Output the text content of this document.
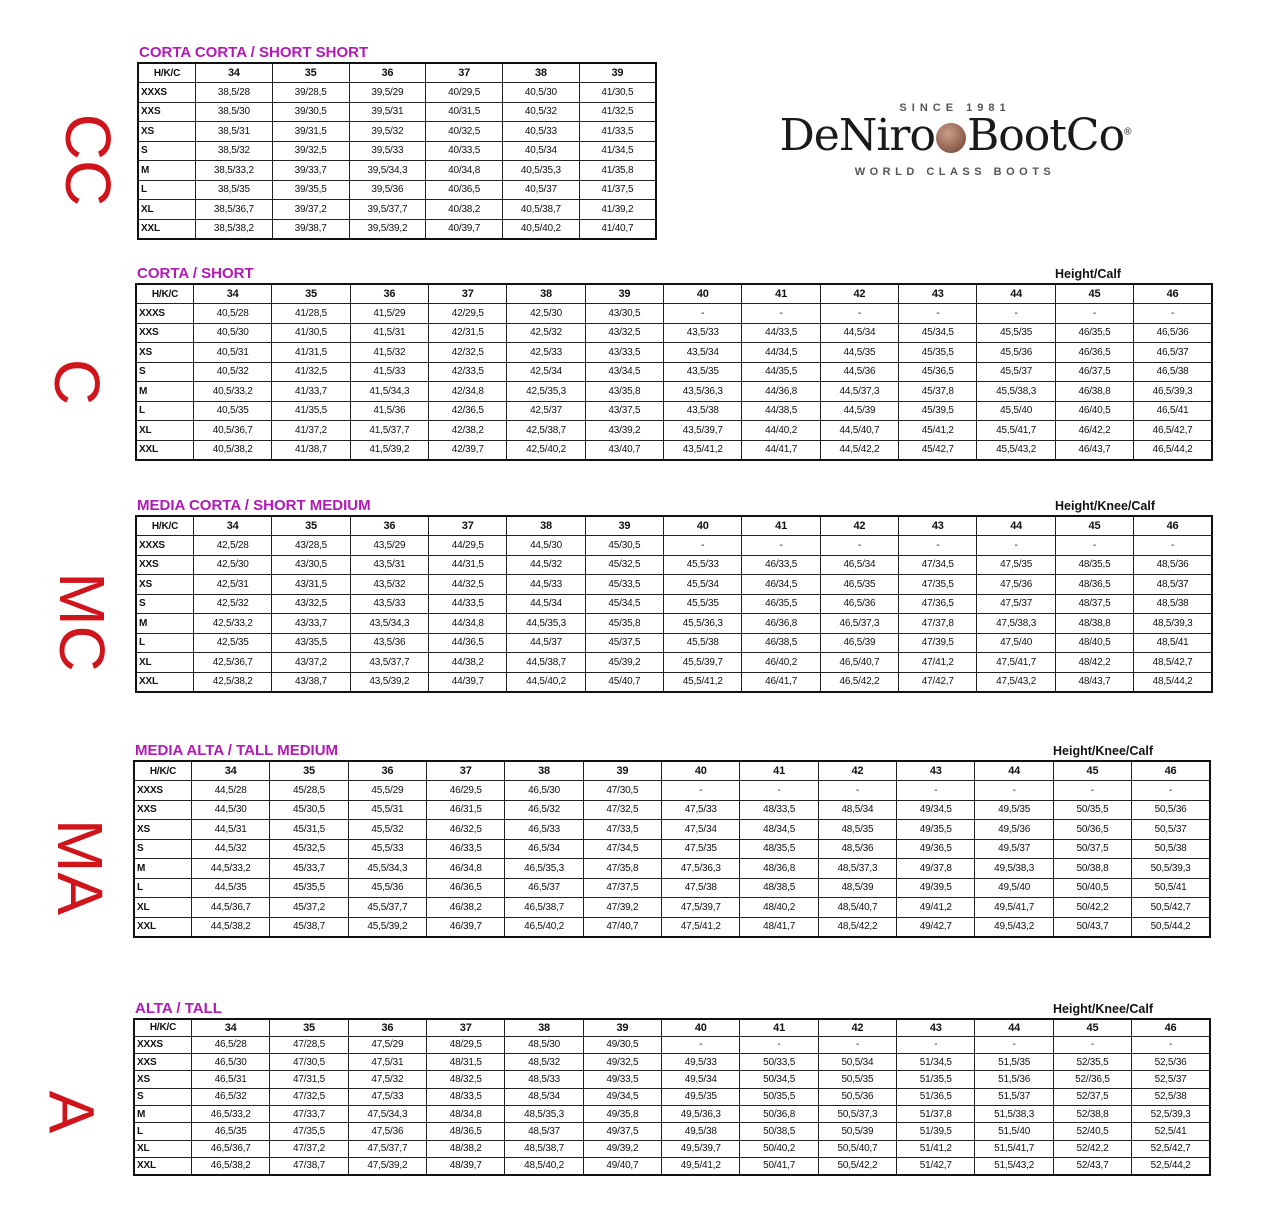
SINCE 1981
DeNiro BootCo®
WORLD CLASS BOOTS
CC
CORTA CORTA / SHORT SHORT
H/K/C	34	35	36	37	38	39
XXXS	38,5/28	39/28,5	39,5/29	40/29,5	40,5/30	41/30,5
XXS	38,5/30	39/30,5	39,5/31	40/31,5	40,5/32	41/32,5
XS	38,5/31	39/31,5	39,5/32	40/32,5	40,5/33	41/33,5
S	38,5/32	39/32,5	39,5/33	40/33,5	40,5/34	41/34,5
M	38,5/33,2	39/33,7	39,5/34,3	40/34,8	40,5/35,3	41/35,8
L	38,5/35	39/35,5	39,5/36	40/36,5	40,5/37	41/37,5
XL	38,5/36,7	39/37,2	39,5/37,7	40/38,2	40,5/38,7	41/39,2
XXL	38,5/38,2	39/38,7	39,5/39,2	40/39,7	40,5/40,2	41/40,7
C
CORTA / SHORT	Height/Calf
H/K/C	34	35	36	37	38	39	40	41	42	43	44	45	46
XXXS	40,5/28	41/28,5	41,5/29	42/29,5	42,5/30	43/30,5	-	-	-	-	-	-	-
XXS	40,5/30	41/30,5	41,5/31	42/31,5	42,5/32	43/32,5	43,5/33	44/33,5	44,5/34	45/34,5	45,5/35	46/35,5	46,5/36
XS	40,5/31	41/31,5	41,5/32	42/32,5	42,5/33	43/33,5	43,5/34	44/34,5	44,5/35	45/35,5	45,5/36	46/36,5	46,5/37
S	40,5/32	41/32,5	41,5/33	42/33,5	42,5/34	43/34,5	43,5/35	44/35,5	44,5/36	45/36,5	45,5/37	46/37,5	46,5/38
M	40,5/33,2	41/33,7	41,5/34,3	42/34,8	42,5/35,3	43/35,8	43,5/36,3	44/36,8	44,5/37,3	45/37,8	45,5/38,3	46/38,8	46,5/39,3
L	40,5/35	41/35,5	41,5/36	42/36,5	42,5/37	43/37,5	43,5/38	44/38,5	44,5/39	45/39,5	45,5/40	46/40,5	46,5/41
XL	40,5/36,7	41/37,2	41,5/37,7	42/38,2	42,5/38,7	43/39,2	43,5/39,7	44/40,2	44,5/40,7	45/41,2	45,5/41,7	46/42,2	46,5/42,7
XXL	40,5/38,2	41/38,7	41,5/39,2	42/39,7	42,5/40,2	43/40,7	43,5/41,2	44/41,7	44,5/42,2	45/42,7	45,5/43,2	46/43,7	46,5/44,2
MC
MEDIA CORTA / SHORT MEDIUM	Height/Knee/Calf
H/K/C	34	35	36	37	38	39	40	41	42	43	44	45	46
XXXS	42,5/28	43/28,5	43,5/29	44/29,5	44,5/30	45/30,5	-	-	-	-	-	-	-
XXS	42,5/30	43/30,5	43,5/31	44/31,5	44,5/32	45/32,5	45,5/33	46/33,5	46,5/34	47/34,5	47,5/35	48/35,5	48,5/36
XS	42,5/31	43/31,5	43,5/32	44/32,5	44,5/33	45/33,5	45,5/34	46/34,5	46,5/35	47/35,5	47,5/36	48/36,5	48,5/37
S	42,5/32	43/32,5	43,5/33	44/33,5	44,5/34	45/34,5	45,5/35	46/35,5	46,5/36	47/36,5	47,5/37	48/37,5	48,5/38
M	42,5/33,2	43/33,7	43,5/34,3	44/34,8	44,5/35,3	45/35,8	45,5/36,3	46/36,8	46,5/37,3	47/37,8	47,5/38,3	48/38,8	48,5/39,3
L	42,5/35	43/35,5	43,5/36	44/36,5	44,5/37	45/37,5	45,5/38	46/38,5	46,5/39	47/39,5	47,5/40	48/40,5	48,5/41
XL	42,5/36,7	43/37,2	43,5/37,7	44/38,2	44,5/38,7	45/39,2	45,5/39,7	46/40,2	46,5/40,7	47/41,2	47,5/41,7	48/42,2	48,5/42,7
XXL	42,5/38,2	43/38,7	43,5/39,2	44/39,7	44,5/40,2	45/40,7	45,5/41,2	46/41,7	46,5/42,2	47/42,7	47,5/43,2	48/43,7	48,5/44,2
MA
MEDIA ALTA / TALL MEDIUM	Height/Knee/Calf
H/K/C	34	35	36	37	38	39	40	41	42	43	44	45	46
XXXS	44,5/28	45/28,5	45,5/29	46/29,5	46,5/30	47/30,5	-	-	-	-	-	-	-
XXS	44,5/30	45/30,5	45,5/31	46/31,5	46,5/32	47/32,5	47,5/33	48/33,5	48,5/34	49/34,5	49,5/35	50/35,5	50,5/36
XS	44,5/31	45/31,5	45,5/32	46/32,5	46,5/33	47/33,5	47,5/34	48/34,5	48,5/35	49/35,5	49,5/36	50/36,5	50,5/37
S	44,5/32	45/32,5	45,5/33	46/33,5	46,5/34	47/34,5	47,5/35	48/35,5	48,5/36	49/36,5	49,5/37	50/37,5	50,5/38
M	44,5/33,2	45/33,7	45,5/34,3	46/34,8	46,5/35,3	47/35,8	47,5/36,3	48/36,8	48,5/37,3	49/37,8	49,5/38,3	50/38,8	50,5/39,3
L	44,5/35	45/35,5	45,5/36	46/36,5	46,5/37	47/37,5	47,5/38	48/38,5	48,5/39	49/39,5	49,5/40	50/40,5	50,5/41
XL	44,5/36,7	45/37,2	45,5/37,7	46/38,2	46,5/38,7	47/39,2	47,5/39,7	48/40,2	48,5/40,7	49/41,2	49,5/41,7	50/42,2	50,5/42,7
XXL	44,5/38,2	45/38,7	45,5/39,2	46/39,7	46,5/40,2	47/40,7	47,5/41,2	48/41,7	48,5/42,2	49/42,7	49,5/43,2	50/43,7	50,5/44,2
A
ALTA / TALL	Height/Knee/Calf
H/K/C	34	35	36	37	38	39	40	41	42	43	44	45	46
XXXS	46,5/28	47/28,5	47,5/29	48/29,5	48,5/30	49/30,5	-	-	-	-	-	-	-
XXS	46,5/30	47/30,5	47,5/31	48/31,5	48,5/32	49/32,5	49,5/33	50/33,5	50,5/34	51/34,5	51,5/35	52/35,5	52,5/36
XS	46,5/31	47/31,5	47,5/32	48/32,5	48,5/33	49/33,5	49,5/34	50/34,5	50,5/35	51/35,5	51,5/36	52//36,5	52,5/37
S	46,5/32	47/32,5	47,5/33	48/33,5	48,5/34	49/34,5	49,5/35	50/35,5	50,5/36	51/36,5	51,5/37	52/37,5	52,5/38
M	46,5/33,2	47/33,7	47,5/34,3	48/34,8	48,5/35,3	49/35,8	49,5/36,3	50/36,8	50,5/37,3	51/37,8	51,5/38,3	52/38,8	52,5/39,3
L	46,5/35	47/35,5	47,5/36	48/36,5	48,5/37	49/37,5	49,5/38	50/38,5	50,5/39	51/39,5	51,5/40	52/40,5	52,5/41
XL	46,5/36,7	47/37,2	47,5/37,7	48/38,2	48,5/38,7	49/39,2	49,5/39,7	50/40,2	50,5/40,7	51/41,2	51,5/41,7	52/42,2	52,5/42,7
XXL	46,5/38,2	47/38,7	47,5/39,2	48/39,7	48,5/40,2	49/40,7	49,5/41,2	50/41,7	50,5/42,2	51/42,7	51,5/43,2	52/43,7	52,5/44,2
